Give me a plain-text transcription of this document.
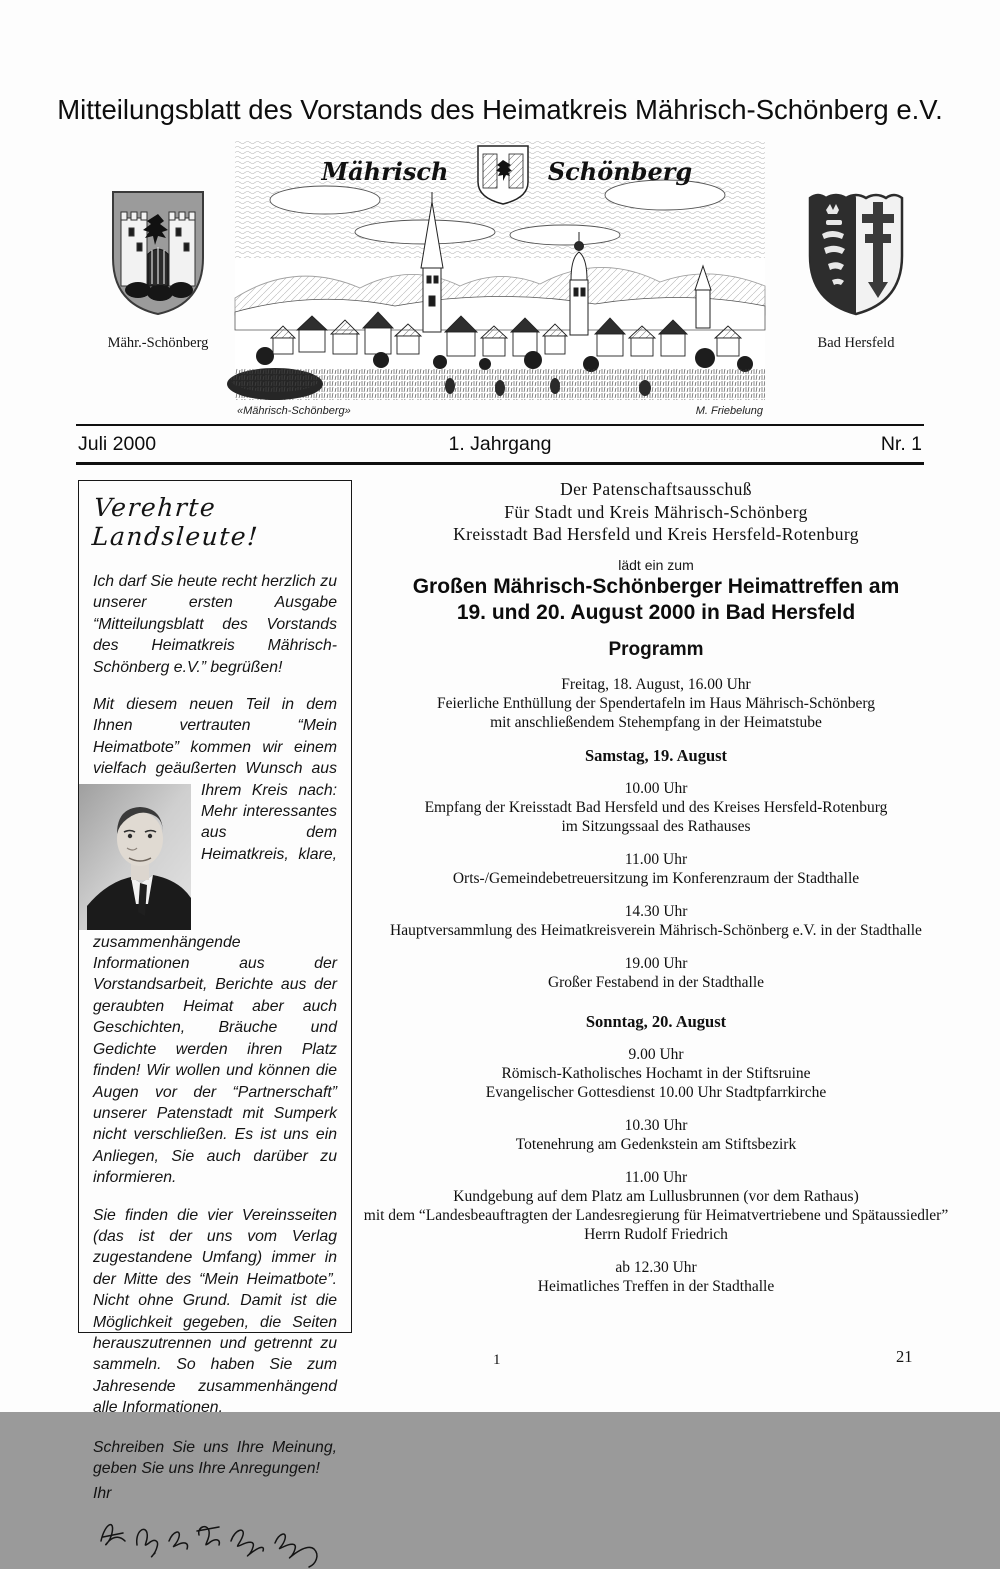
Mitteilungsblatt des Vorstands des Heimatkreis Mährisch-Schönberg e.V.
Mähr.-Schönberg	Bad Hersfeld
Mährisch	Schönberg
«Mährisch-Schönberg»	M. Friebelung
Juli 2000	1. Jahrgang	Nr. 1
Verehrte Landsleute!

Ich darf Sie heute recht herzlich zu unserer ersten Ausgabe “Mitteilungsblatt des Vorstands des Heimatkreis Mährisch-Schönberg e.V.” begrüßen!

Mit diesem neuen Teil in dem Ihnen vertrauten “Mein Heimatbote” kommen wir einem vielfach geäußerten Wunsch aus
Ihrem Kreis nach: Mehr interessantes aus dem Heimatkreis, klare, zusammenhängende Informationen aus der Vorstandsarbeit, Berichte aus der geraubten Heimat aber auch Geschichten, Bräuche und Gedichte werden ihren Platz finden! Wir wollen und können die Augen vor der “Partnerschaft” unserer Patenstadt mit Sumperk nicht verschließen. Es ist uns ein Anliegen, Sie auch darüber zu informieren.

Sie finden die vier Vereinsseiten (das ist der uns vom Verlag zugestandene Umfang) immer in der Mitte des “Mein Heimatbote”. Nicht ohne Grund. Damit ist die Möglichkeit gegeben, die Seiten herauszutrennen und getrennt zu sammeln. So haben Sie zum Jahresende zusammenhängend alle Informationen.

Schreiben Sie uns Ihre Meinung, geben Sie uns Ihre Anregungen!

Ihr
Der Patenschaftsausschuß
Für Stadt und Kreis Mährisch-Schönberg
Kreisstadt Bad Hersfeld und Kreis Hersfeld-Rotenburg
lädt ein zum
Großen Mährisch-Schönberger Heimattreffen am
19. und 20. August 2000 in Bad Hersfeld
Programm
Freitag, 18. August, 16.00 Uhr
Feierliche Enthüllung der Spendertafeln im Haus Mährisch-Schönberg
mit anschließendem Stehempfang in der Heimatstube
Samstag, 19. August
10.00 Uhr
Empfang der Kreisstadt Bad Hersfeld und des Kreises Hersfeld-Rotenburg
im Sitzungssaal des Rathauses
11.00 Uhr
Orts-/Gemeindebetreuersitzung im Konferenzraum der Stadthalle
14.30 Uhr
Hauptversammlung des Heimatkreisverein Mährisch-Schönberg e.V. in der Stadthalle
19.00 Uhr
Großer Festabend in der Stadthalle
Sonntag, 20. August
9.00 Uhr
Römisch-Katholisches Hochamt in der Stiftsruine
Evangelischer Gottesdienst 10.00 Uhr Stadtpfarrkirche
10.30 Uhr
Totenehrung am Gedenkstein am Stiftsbezirk
11.00 Uhr
Kundgebung auf dem Platz am Lullusbrunnen (vor dem Rathaus)
mit dem “Landesbeauftragten der Landesregierung für Heimatvertriebene und Spätaussiedler”
Herrn Rudolf Friedrich
ab 12.30 Uhr
Heimatliches Treffen in der Stadthalle
1	21
